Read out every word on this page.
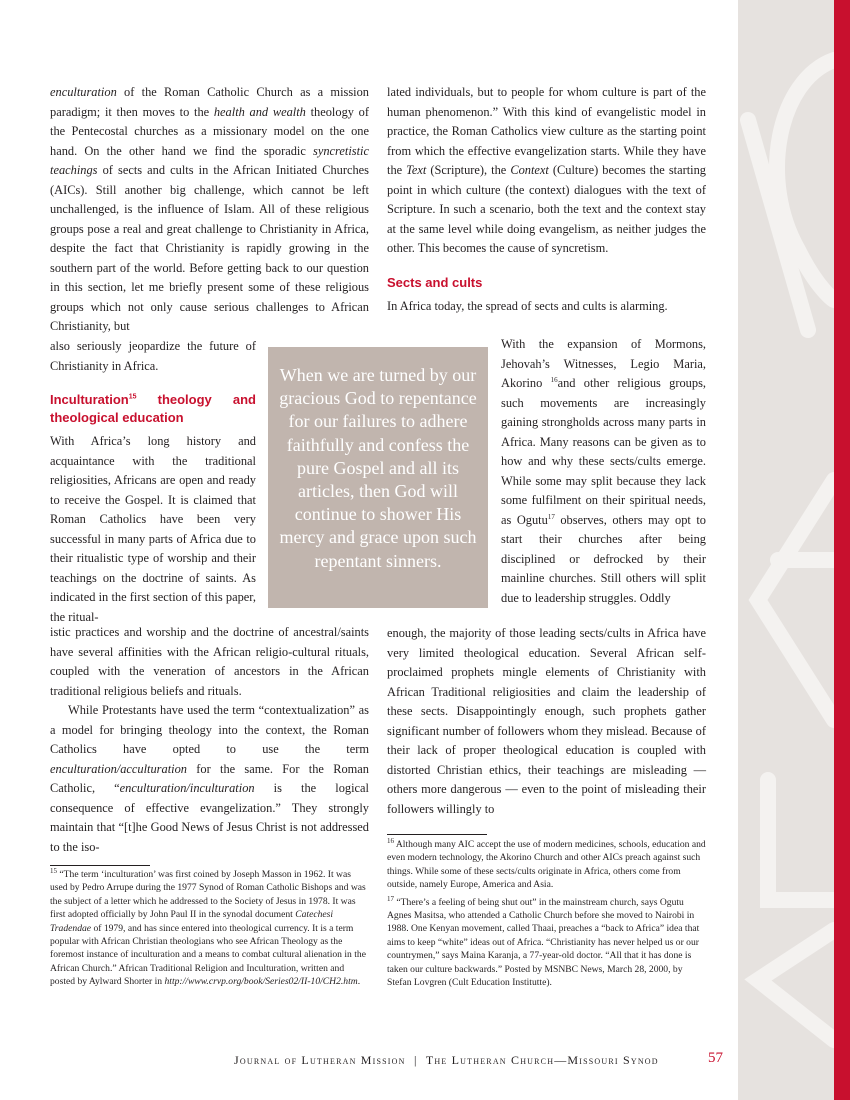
enculturation of the Roman Catholic Church as a mission paradigm; it then moves to the health and wealth theology of the Pentecostal churches as a missionary model on the one hand. On the other hand we find the sporadic syncretistic teachings of sects and cults in the African Initiated Churches (AICs). Still another big challenge, which cannot be left unchallenged, is the influence of Islam. All of these religious groups pose a real and great challenge to Christianity in Africa, despite the fact that Christianity is rapidly growing in the southern part of the world. Before getting back to our question in this section, let me briefly present some of these religious groups which not only cause serious challenges to African Christianity, but

also seriously jeopardize the future of Christianity in Africa.

Inculturation$^{15}$ theology and theological education

With Africa’s long history and acquaintance with the traditional religiosities, Africans are open and ready to receive the Gospel. It is claimed that Roman Catholics have been very successful in many parts of Africa due to their ritualistic type of worship and their teachings on the doctrine of saints. As indicated in the first section of this paper, the ritual-

istic practices and worship and the doctrine of ancestral/saints have several affinities with the African religio-cultural rituals, coupled with the veneration of ancestors in the African traditional religious beliefs and rituals.

While Protestants have used the term “contextualization” as a model for bringing theology into the context, the Roman Catholics have opted to use the term enculturation/acculturation for the same. For the Roman Catholic, “enculturation/inculturation is the logical consequence of effective evangelization.” They strongly maintain that “[t]he Good News of Jesus Christ is not addressed to the iso-

lated individuals, but to people for whom culture is part of the human phenomenon.” With this kind of evangelistic model in practice, the Roman Catholics view culture as the starting point from which the effective evangelization starts. While they have the Text (Scripture), the Context (Culture) becomes the starting point in which culture (the context) dialogues with the text of Scripture. In such a scenario, both the text and the context stay at the same level while doing evangelism, as neither judges the other. This becomes the cause of syncretism.

Sects and cults

In Africa today, the spread of sects and cults is alarming.

With the expansion of Mormons, Jehovah’s Witnesses, Legio Maria, Akorino $^{16}$and other religious groups, such movements are increasingly gaining strongholds across many parts in Africa. Many reasons can be given as to how and why these sects/cults emerge. While some may split because they lack some fulfilment on their spiritual needs, as Ogutu$^{17}$ observes, others may opt to start their churches after being disciplined or defrocked by their mainline churches. Still others will split due to leadership struggles. Oddly

enough, the majority of those leading sects/cults in Africa have very limited theological education. Several African self-proclaimed prophets mingle elements of Christianity with African Traditional religiosities and claim the leadership of these sects. Disappointingly enough, such prophets gather significant number of followers whom they mislead. Because of their lack of proper theological education is coupled with distorted Christian ethics, their teachings are misleading — others more dangerous — even to the point of misleading their followers willingly to

When we are turned by our gracious God to repentance for our failures to adhere faithfully and confess the pure Gospel and all its articles, then God will continue to shower His mercy and grace upon such repentant sinners.

$^{15}$ “The term ‘inculturation’ was first coined by Joseph Masson in 1962. It was used by Pedro Arrupe during the 1977 Synod of Roman Catholic Bishops and was the subject of a letter which he addressed to the Society of Jesus in 1978. It was first adopted officially by John Paul II in the synodal document Catechesi Tradendae of 1979, and has since entered into theological currency. It is a term popular with African Christian theologians who see African Theology as the foremost instance of inculturation and a means to combat cultural alienation in the African Church.” African Traditional Religion and Inculturation, written and posted by Aylward Shorter in http://www.crvp.org/book/Series02/II-10/CH2.htm.

$^{16}$ Although many AIC accept the use of modern medicines, schools, education and even modern technology, the Akorino Church and other AICs preach against such things. While some of these sects/cults originate in Africa, others come from outside, namely Europe, America and Asia.

$^{17}$ “There’s a feeling of being shut out” in the mainstream church, says Ogutu Agnes Masitsa, who attended a Catholic Church before she moved to Nairobi in 1988. One Kenyan movement, called Thaai, preaches a “back to Africa” idea that aims to keep “white” ideas out of Africa. “Christianity has never helped us or our countrymen,” says Maina Karanja, a 77-year-old doctor. “All that it has done is taken our culture backwards.” Posted by MSNBC News, March 28, 2000, by Stefan Lovgren (Cult Education Institutte).

Journal of Lutheran Mission | The Lutheran Church—Missouri Synod	57
